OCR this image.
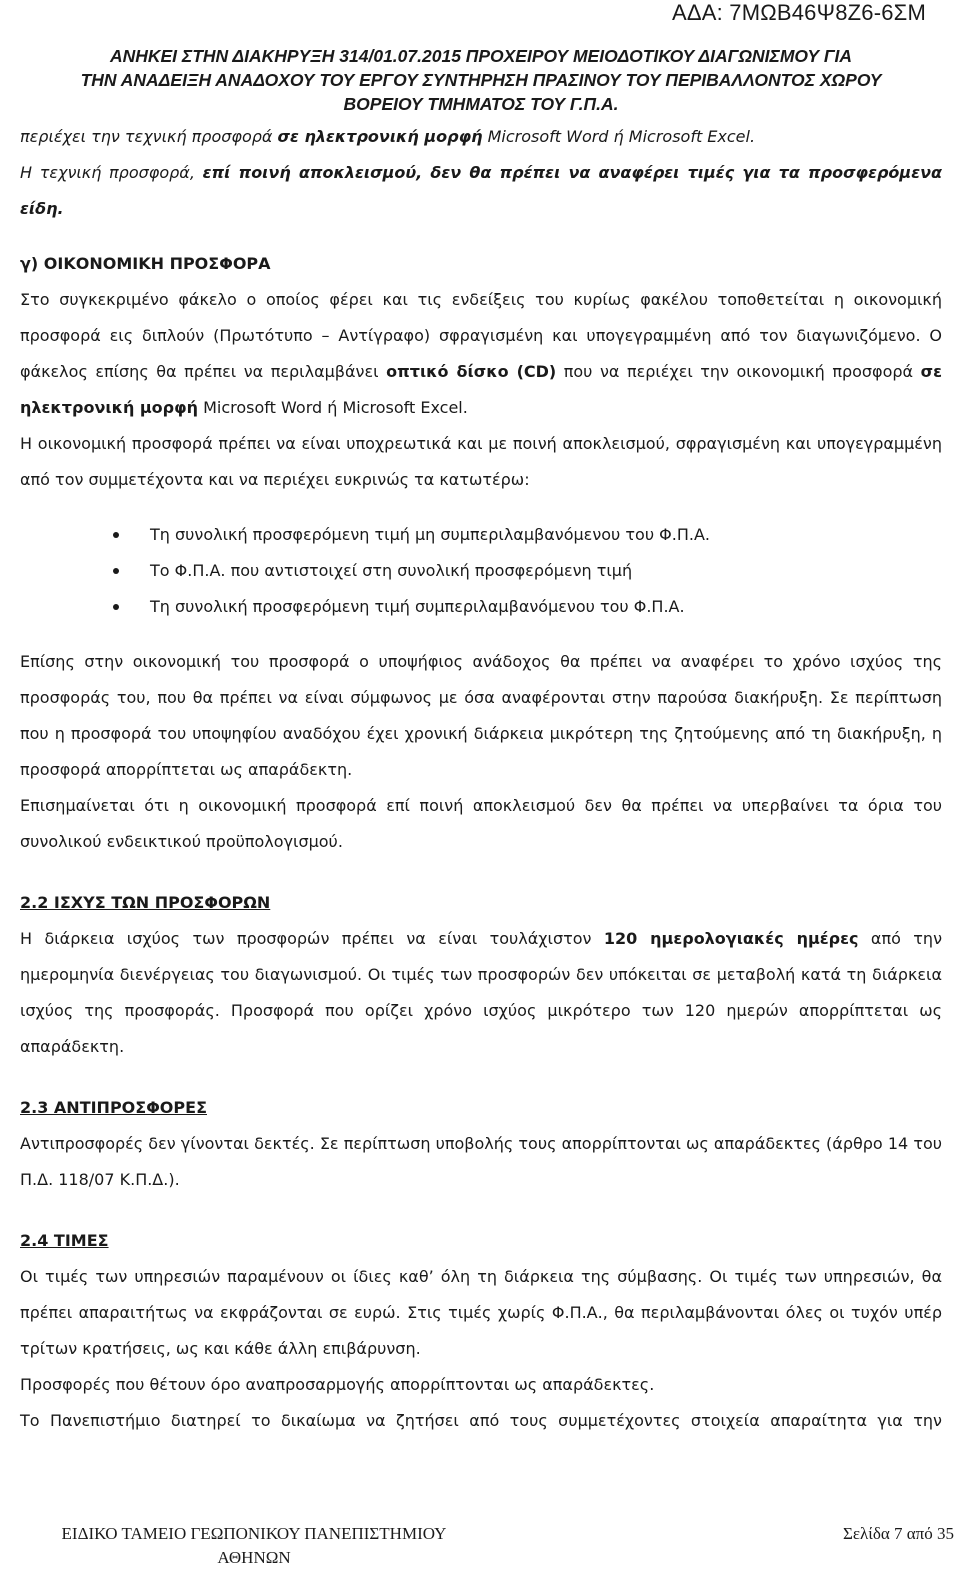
ΑΔΑ: 7ΜΩΒ46Ψ8Ζ6-6ΣΜ
ΑΝΗΚΕΙ ΣΤΗΝ ΔΙΑΚΗΡΥΞΗ 314/01.07.2015 ΠΡΟΧΕΙΡΟΥ ΜΕΙΟΔΟΤΙΚΟΥ ΔΙΑΓΩΝΙΣΜΟΥ ΓΙΑ
ΤΗΝ ΑΝΑΔΕΙΞΗ ΑΝΑΔΟΧΟΥ ΤΟΥ ΕΡΓΟΥ ΣΥΝΤΗΡΗΣΗ ΠΡΑΣΙΝΟΥ ΤΟΥ ΠΕΡΙΒΑΛΛΟΝΤΟΣ ΧΩΡΟΥ
ΒΟΡΕΙΟΥ ΤΜΗΜΑΤΟΣ ΤΟΥ Γ.Π.Α.

περιέχει την τεχνική προσφορά σε ηλεκτρονική μορφή Microsoft Word ή Microsoft Excel.

Η τεχνική προσφορά, επί ποινή αποκλεισμού, δεν θα πρέπει να αναφέρει τιμές για τα προσφερόμενα είδη.

γ) ΟΙΚΟΝΟΜΙΚΗ ΠΡΟΣΦΟΡΑ

Στο συγκεκριμένο φάκελο ο οποίος φέρει και τις ενδείξεις του κυρίως φακέλου τοποθετείται η οικονομική προσφορά εις διπλούν (Πρωτότυπο – Αντίγραφο) σφραγισμένη και υπογεγραμμένη από τον διαγωνιζόμενο. Ο φάκελος επίσης θα πρέπει να περιλαμβάνει οπτικό δίσκο (CD) που να περιέχει την οικονομική προσφορά σε ηλεκτρονική μορφή Microsoft Word ή Microsoft Excel.

Η οικονομική προσφορά πρέπει να είναι υποχρεωτικά και με ποινή αποκλεισμού, σφραγισμένη και υπογεγραμμένη από τον συμμετέχοντα και να περιέχει ευκρινώς τα κατωτέρω:

Τη συνολική προσφερόμενη τιμή μη συμπεριλαμβανόμενου του Φ.Π.Α.
Το Φ.Π.Α. που αντιστοιχεί στη συνολική προσφερόμενη τιμή
Τη συνολική προσφερόμενη τιμή συμπεριλαμβανόμενου του Φ.Π.Α.

Επίσης στην οικονομική του προσφορά ο υποψήφιος ανάδοχος θα πρέπει να αναφέρει το χρόνο ισχύος της προσφοράς του, που θα πρέπει να είναι σύμφωνος με όσα αναφέρονται στην παρούσα διακήρυξη. Σε περίπτωση που η προσφορά του υποψηφίου αναδόχου έχει χρονική διάρκεια μικρότερη της ζητούμενης από τη διακήρυξη, η προσφορά απορρίπτεται ως απαράδεκτη.

Επισημαίνεται ότι η οικονομική προσφορά επί ποινή αποκλεισμού δεν θα πρέπει να υπερβαίνει τα όρια του συνολικού ενδεικτικού προϋπολογισμού.

2.2 ΙΣΧΥΣ ΤΩΝ ΠΡΟΣΦΟΡΩΝ

Η διάρκεια ισχύος των προσφορών πρέπει να είναι τουλάχιστον 120 ημερολογιακές ημέρες από την ημερομηνία διενέργειας του διαγωνισμού. Οι τιμές των προσφορών δεν υπόκειται σε μεταβολή κατά τη διάρκεια ισχύος της προσφοράς. Προσφορά που ορίζει χρόνο ισχύος μικρότερο των 120 ημερών απορρίπτεται ως απαράδεκτη.

2.3 ΑΝΤΙΠΡΟΣΦΟΡΕΣ

Αντιπροσφορές δεν γίνονται δεκτές. Σε περίπτωση υποβολής τους απορρίπτονται ως απαράδεκτες (άρθρο 14 του Π.Δ. 118/07 Κ.Π.Δ.).

2.4 ΤΙΜΕΣ

Οι τιμές των υπηρεσιών παραμένουν οι ίδιες καθ’ όλη τη διάρκεια της σύμβασης. Οι τιμές των υπηρεσιών, θα πρέπει απαραιτήτως να εκφράζονται σε ευρώ. Στις τιμές χωρίς Φ.Π.Α., θα περιλαμβάνονται όλες οι τυχόν υπέρ τρίτων κρατήσεις, ως και κάθε άλλη επιβάρυνση.

Προσφορές που θέτουν όρο αναπροσαρμογής απορρίπτονται ως απαράδεκτες.

Το Πανεπιστήμιο διατηρεί το δικαίωμα να ζητήσει από τους συμμετέχοντες στοιχεία απαραίτητα για την

ΕΙΔΙΚΟ ΤΑΜΕΙΟ ΓΕΩΠΟΝΙΚΟΥ ΠΑΝΕΠΙΣΤΗΜΙΟΥ
ΑΘΗΝΩΝ
Σελίδα 7 από 35
